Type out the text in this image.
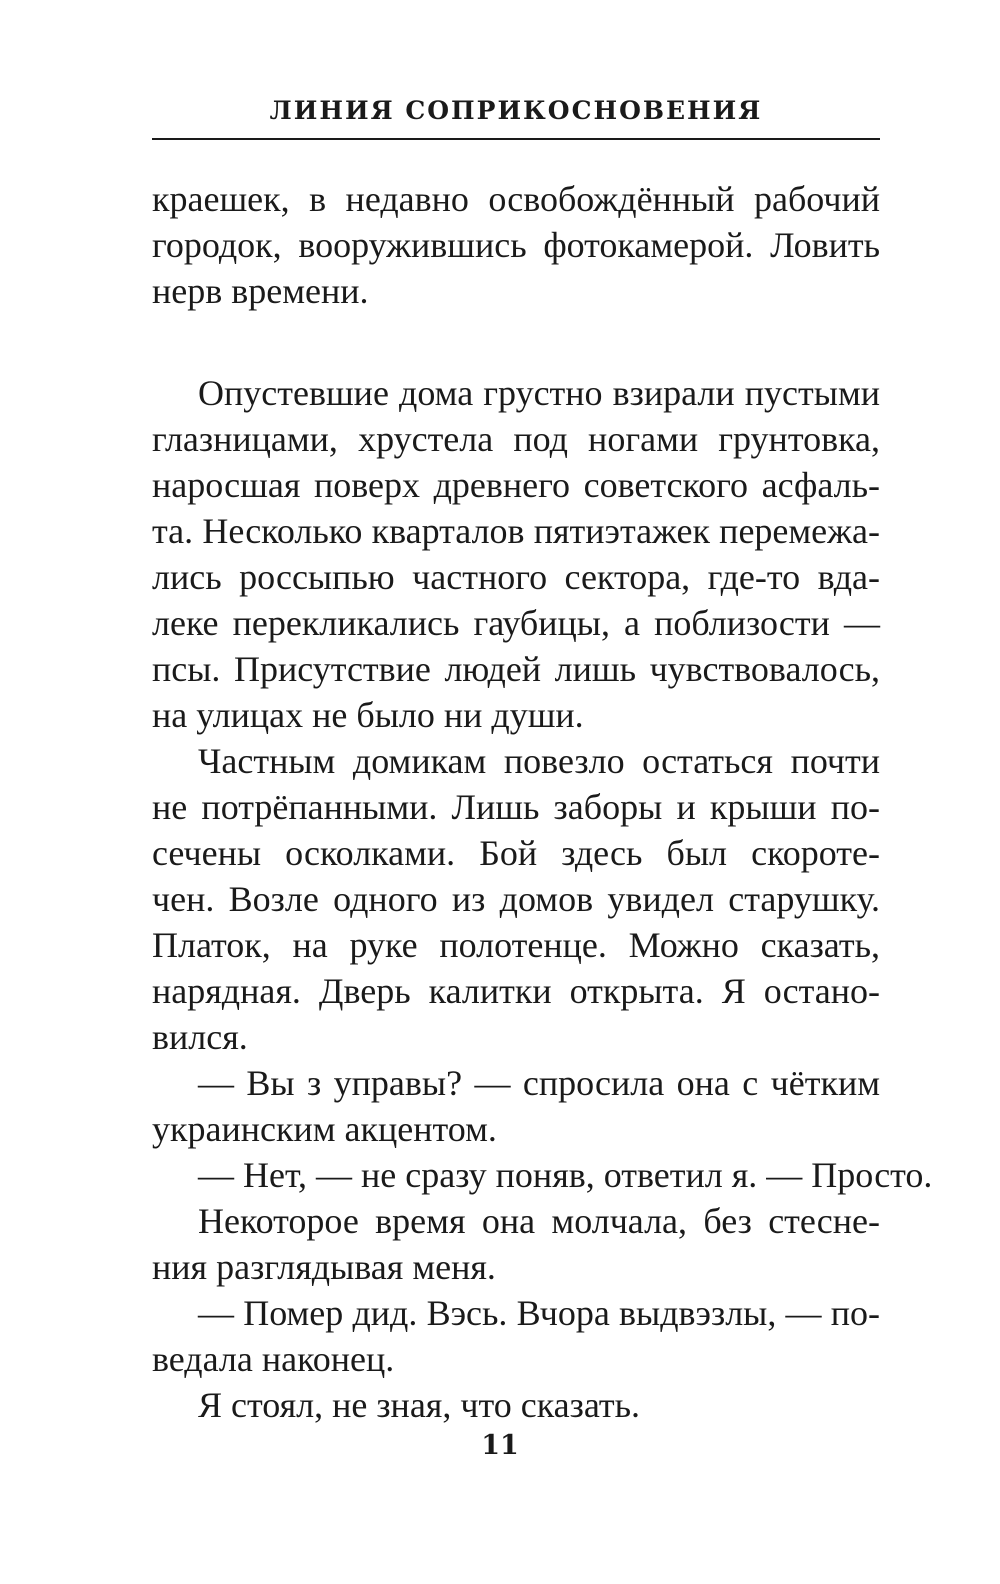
ЛИНИЯ СОПРИКОСНОВЕНИЯ
краешек, в недавно освобождённый рабочий
городок, вооружившись фотокамерой. Ловить
нерв времени.
Опустевшие дома грустно взирали пустыми
глазницами, хрустела под ногами грунтовка,
наросшая поверх древнего советского асфаль-
та. Несколько кварталов пятиэтажек перемежа-
лись россыпью частного сектора, где-то вда-
леке перекликались гаубицы, а поблизости —
псы. Присутствие людей лишь чувствовалось,
на улицах не было ни души.
Частным домикам повезло остаться почти
не потрёпанными. Лишь заборы и крыши по-
сечены осколками. Бой здесь был скороте-
чен. Возле одного из домов увидел старушку.
Платок, на руке полотенце. Можно сказать,
нарядная. Дверь калитки открыта. Я остано-
вился.
— Вы з управы? — спросила она с чётким
украинским акцентом.
— Нет, — не сразу поняв, ответил я. — Просто.
Некоторое время она молчала, без стесне-
ния разглядывая меня.
— Помер дид. Вэсь. Вчора выдвэзлы, — по-
ведала наконец.
Я стоял, не зная, что сказать.
11
